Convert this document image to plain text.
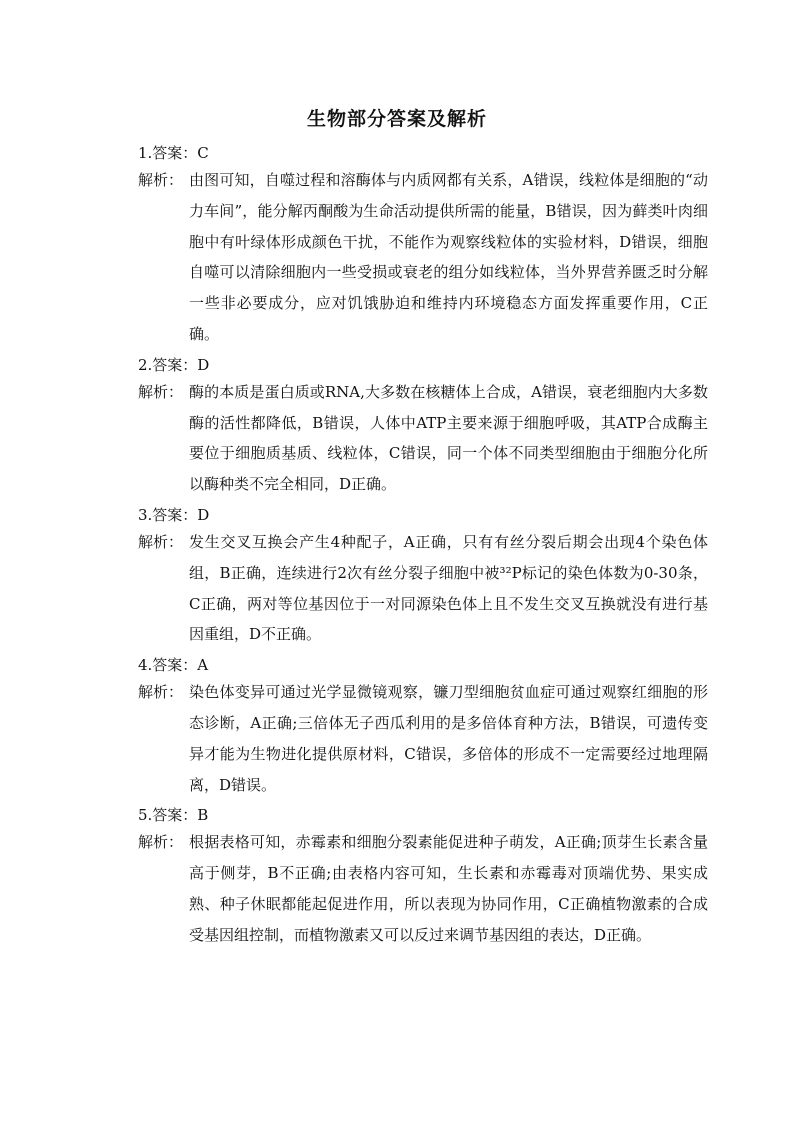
生物部分答案及解析
1.答案：C
解析： 由图可知，自噬过程和溶酶体与内质网都有关系，A错误，线粒体是细胞的“动力车间”，能分解丙酮酸为生命活动提供所需的能量，B错误，因为藓类叶肉细胞中有叶绿体形成颜色干扰，不能作为观察线粒体的实验材料，D错误，细胞自噬可以清除细胞内一些受损或衰老的组分如线粒体，当外界营养匮乏时分解一些非必要成分，应对饥饿胁迫和维持内环境稳态方面发挥重要作用，C正确。
2.答案：D
解析： 酶的本质是蛋白质或RNA,大多数在核糖体上合成，A错误，衰老细胞内大多数酶的活性都降低，B错误，人体中ATP主要来源于细胞呼吸，其ATP合成酶主要位于细胞质基质、线粒体，C错误，同一个体不同类型细胞由于细胞分化所以酶种类不完全相同，D正确。
3.答案：D
解析： 发生交叉互换会产生4种配子，A正确，只有有丝分裂后期会出现4个染色体组，B正确，连续进行2次有丝分裂子细胞中被³²P标记的染色体数为0-30条，C正确，两对等位基因位于一对同源染色体上且不发生交叉互换就没有进行基因重组，D不正确。
4.答案：A
解析： 染色体变异可通过光学显微镜观察，镰刀型细胞贫血症可通过观察红细胞的形态诊断，A正确;三倍体无子西瓜利用的是多倍体育种方法，B错误，可遗传变异才能为生物进化提供原材料，C错误，多倍体的形成不一定需要经过地理隔离，D错误。
5.答案：B
解析： 根据表格可知，赤霉素和细胞分裂素能促进种子萌发，A正确;顶芽生长素含量高于侧芽，B不正确;由表格内容可知，生长素和赤霉毒对顶端优势、果实成熟、种子休眠都能起促进作用，所以表现为协同作用，C正确植物激素的合成受基因组控制，而植物激素又可以反过来调节基因组的表达，D正确。
